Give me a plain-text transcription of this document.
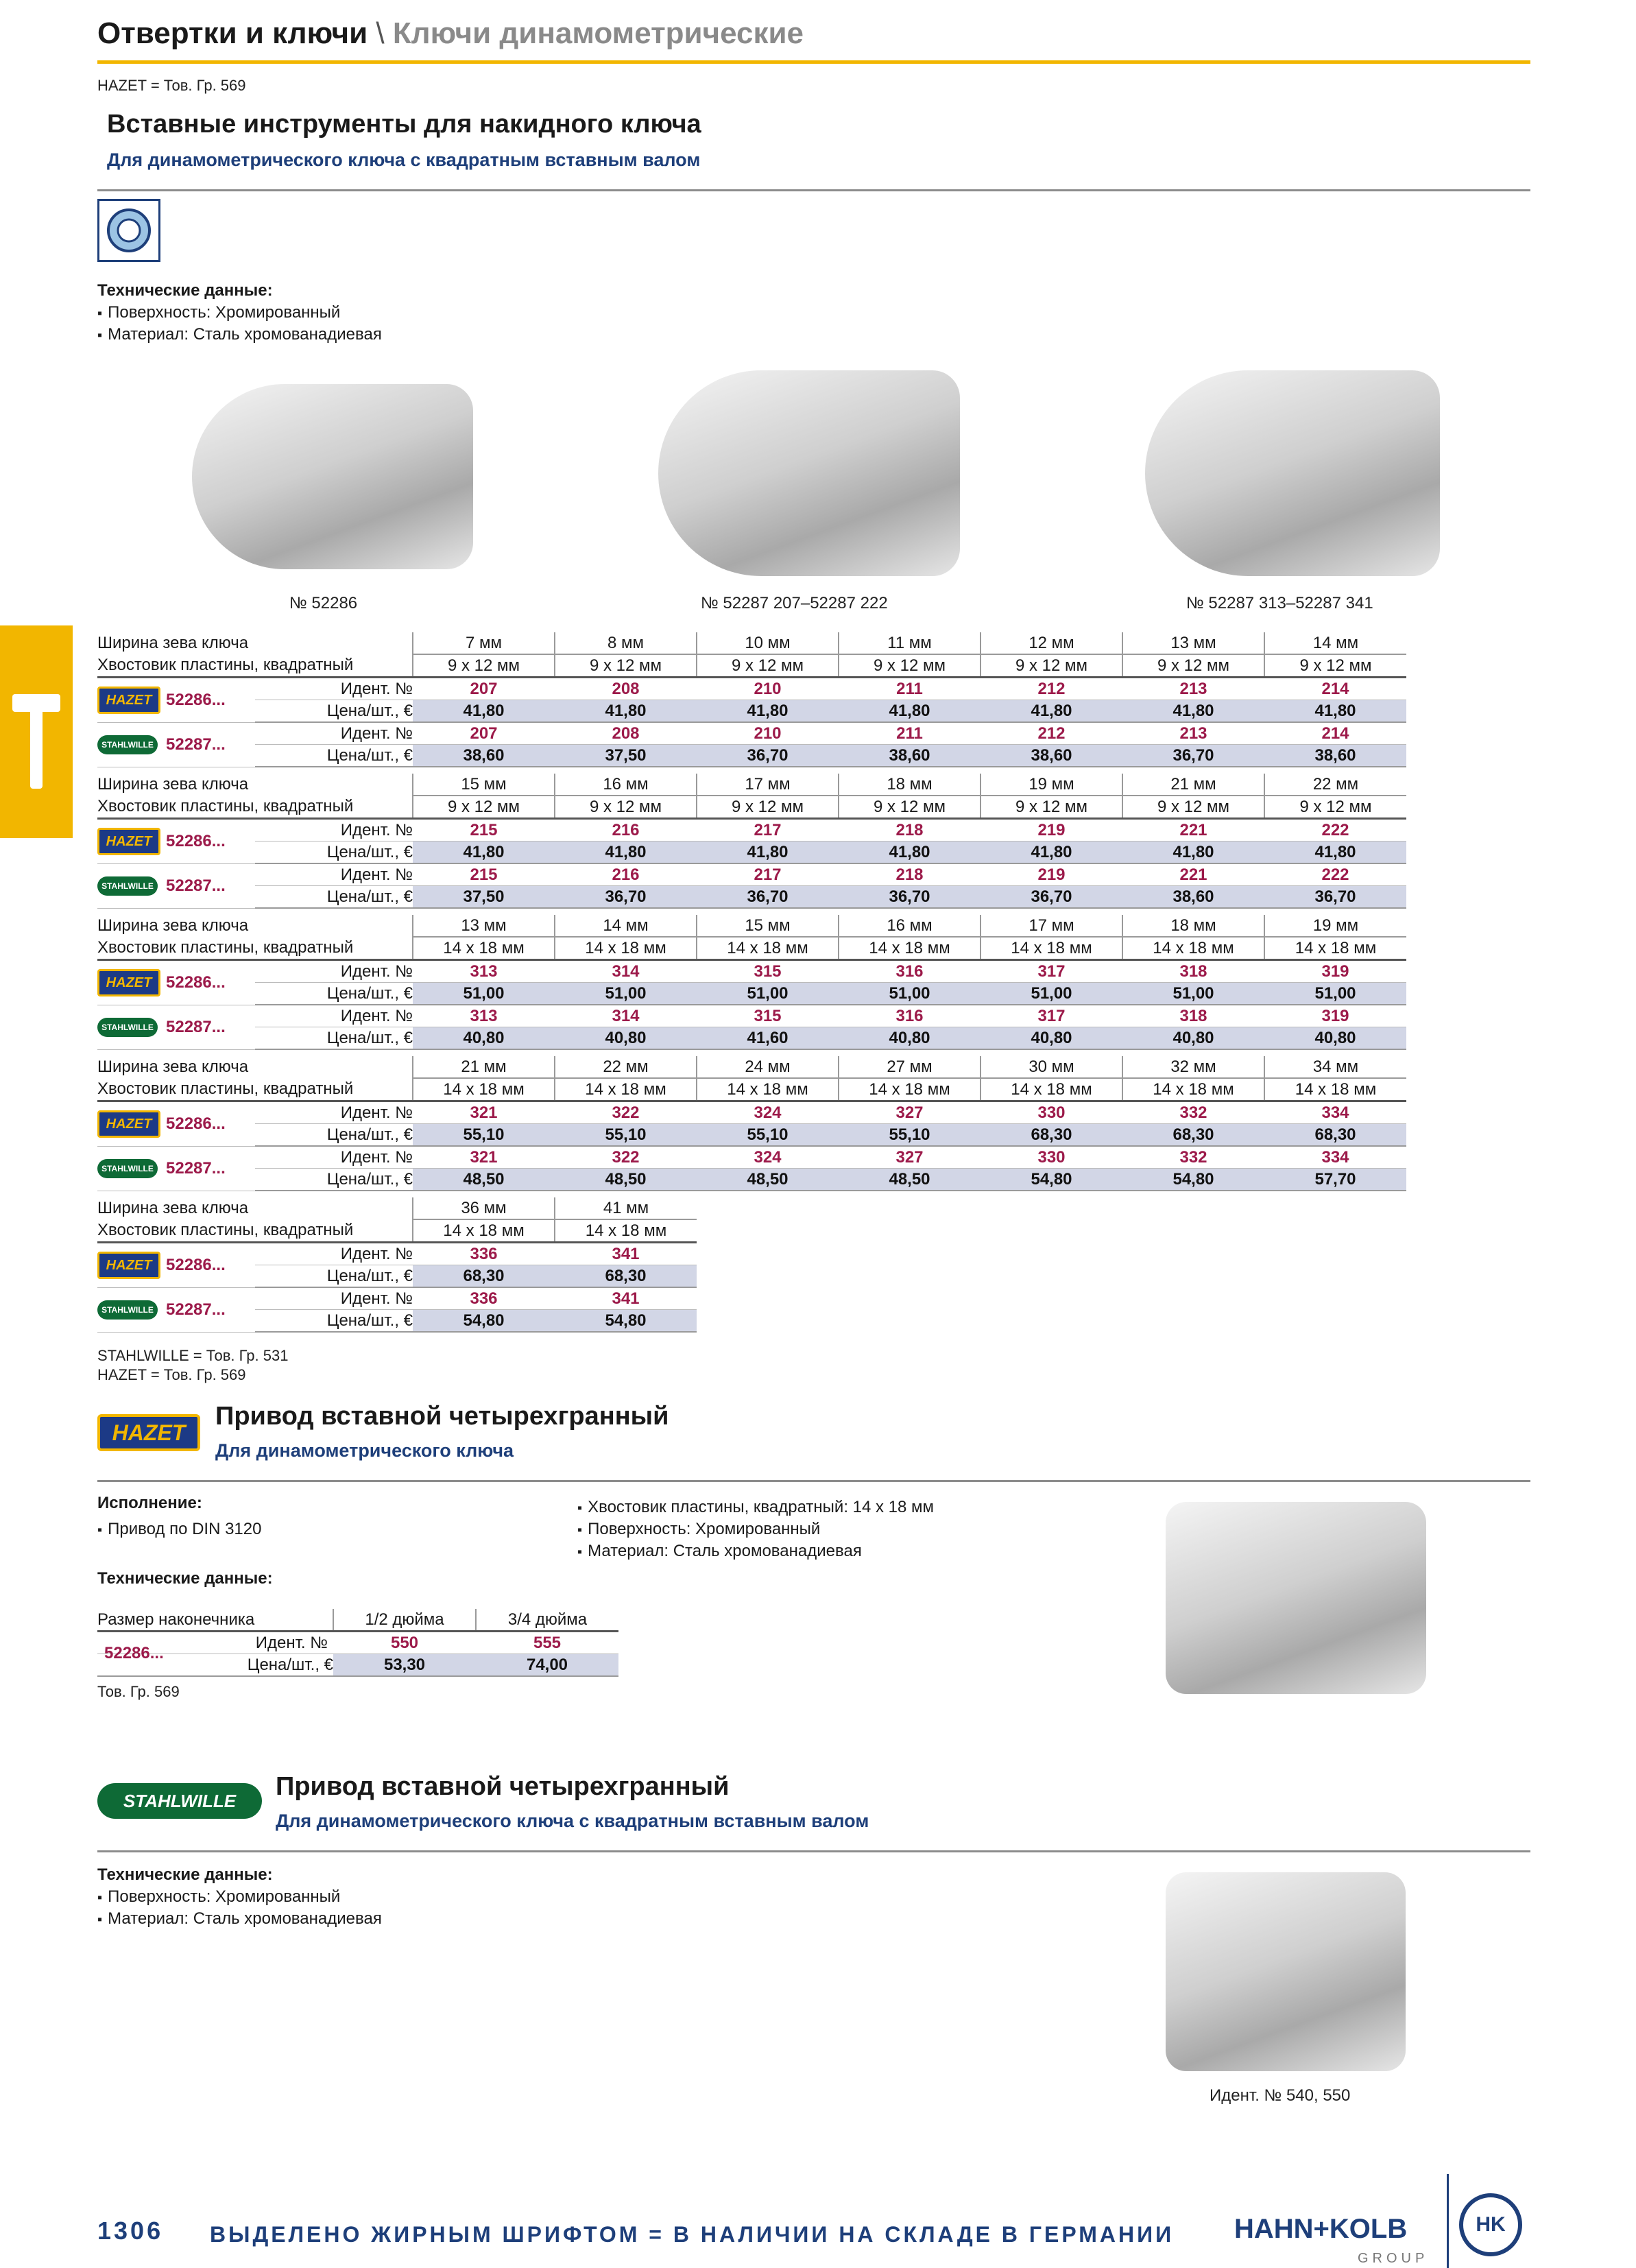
Отвертки и ключи \ Ключи динамометрические
HAZET = Тов. Гр. 569
Вставные инструменты для накидного ключа
Для динамометрического ключа с квадратным вставным валом
Технические данные:
▪ Поверхность: Хромированный
▪ Материал: Сталь хромованадиевая
№ 52286	№ 52287 207–52287 222	№ 52287 313–52287 341
Ширина зева ключа			7 мм	8 мм	10 мм	11 мм	12 мм	13 мм	14 мм
Хвостовик пластины, квадратный			9 x 12 мм	9 x 12 мм	9 x 12 мм	9 x 12 мм	9 x 12 мм	9 x 12 мм	9 x 12 мм
HAZET	52286...	Идент. №	207	208	210	211	212	213	214
		Цена/шт., €	41,80	41,80	41,80	41,80	41,80	41,80	41,80
STAHLWILLE	52287...	Идент. №	207	208	210	211	212	213	214
		Цена/шт., €	38,60	37,50	36,70	38,60	38,60	36,70	38,60
Ширина зева ключа			15 мм	16 мм	17 мм	18 мм	19 мм	21 мм	22 мм
Хвостовик пластины, квадратный			9 x 12 мм	9 x 12 мм	9 x 12 мм	9 x 12 мм	9 x 12 мм	9 x 12 мм	9 x 12 мм
HAZET	52286...	Идент. №	215	216	217	218	219	221	222
		Цена/шт., €	41,80	41,80	41,80	41,80	41,80	41,80	41,80
STAHLWILLE	52287...	Идент. №	215	216	217	218	219	221	222
		Цена/шт., €	37,50	36,70	36,70	36,70	36,70	38,60	36,70
Ширина зева ключа			13 мм	14 мм	15 мм	16 мм	17 мм	18 мм	19 мм
Хвостовик пластины, квадратный			14 x 18 мм	14 x 18 мм	14 x 18 мм	14 x 18 мм	14 x 18 мм	14 x 18 мм	14 x 18 мм
HAZET	52286...	Идент. №	313	314	315	316	317	318	319
		Цена/шт., €	51,00	51,00	51,00	51,00	51,00	51,00	51,00
STAHLWILLE	52287...	Идент. №	313	314	315	316	317	318	319
		Цена/шт., €	40,80	40,80	41,60	40,80	40,80	40,80	40,80
Ширина зева ключа			21 мм	22 мм	24 мм	27 мм	30 мм	32 мм	34 мм
Хвостовик пластины, квадратный			14 x 18 мм	14 x 18 мм	14 x 18 мм	14 x 18 мм	14 x 18 мм	14 x 18 мм	14 x 18 мм
HAZET	52286...	Идент. №	321	322	324	327	330	332	334
		Цена/шт., €	55,10	55,10	55,10	55,10	68,30	68,30	68,30
STAHLWILLE	52287...	Идент. №	321	322	324	327	330	332	334
		Цена/шт., €	48,50	48,50	48,50	48,50	54,80	54,80	57,70
Ширина зева ключа			36 мм	41 мм
Хвостовик пластины, квадратный			14 x 18 мм	14 x 18 мм
HAZET	52286...	Идент. №	336	341
		Цена/шт., €	68,30	68,30
STAHLWILLE	52287...	Идент. №	336	341
		Цена/шт., €	54,80	54,80
STAHLWILLE = Тов. Гр. 531
HAZET = Тов. Гр. 569
HAZET
Привод вставной четырехгранный
Для динамометрического ключа
Исполнение:
▪ Привод по DIN 3120
▪ Хвостовик пластины, квадратный: 14 x 18 мм
▪ Поверхность: Хромированный
▪ Материал: Сталь хромованадиевая
Технические данные:
Размер наконечника	1/2 дюйма	3/4 дюйма

52286...
Идент. №	550	555
Цена/шт., €	53,30	74,00
Тов. Гр. 569
STAHLWILLE	Привод вставной четырехгранный
Для динамометрического ключа с квадратным вставным валом
Технические данные:
▪ Поверхность: Хромированный
▪ Материал: Сталь хромованадиевая
Идент. № 540, 550
1306 ВЫДЕЛЕНО ЖИРНЫМ ШРИФТОМ = В НАЛИЧИИ НА СКЛАДЕ В ГЕРМАНИИ HAHN+KOLB
GROUP
HK
